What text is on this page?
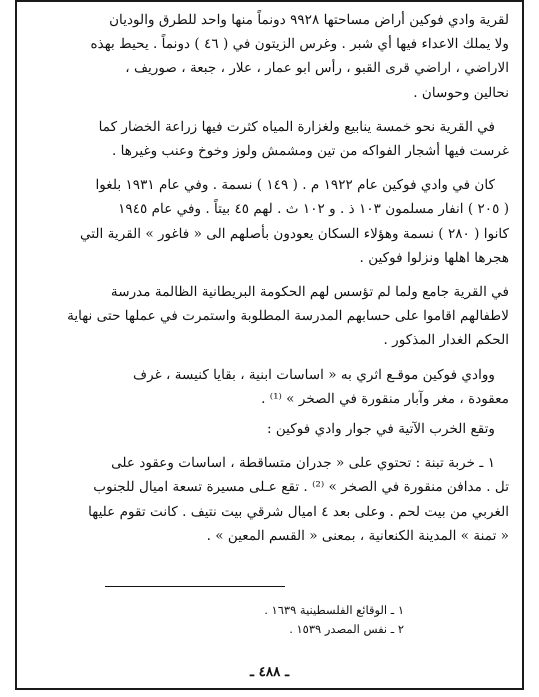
لقرية وادي فوكين أراض مساحتها ٩٩٢٨ دونماً منها واحد للطرق والوديان
ولا يملك الاعداء فيها أي شبر . وغرس الزيتون في ( ٤٦ ) دونماً . يحيط بهذه
الاراضي ، اراضي قرى القبو ، رأس ابو عمار ، علار ، جبعة ، صوريف ،
نحالين وحوسان .

في القرية نحو خمسة ينابيع ولغزارة المياه كثرت فيها زراعة الخضار كما
غرست فيها أشجار الفواكه من تين ومشمش ولوز وخوخ وعنب وغيرها .

كان في وادي فوكين عام ١٩٢٢ م . ( ١٤٩ ) نسمة . وفي عام ١٩٣١ بلغوا
( ٢٠٥ ) انفار مسلمون ١٠٣ ذ . و ١٠٢ ث . لهم ٤٥ بيتاً . وفي عام ١٩٤٥
كانوا ( ٢٨٠ ) نسمة وهؤلاء السكان يعودون بأصلهم الى « فاغور » القرية التي
هجرها اهلها ونزلوا فوكين .

في القرية جامع ولما لم تؤسس لهم الحكومة البريطانية الظالمة مدرسة
لاطفالهم اقاموا على حسابهم المدرسة المطلوبة واستمرت في عملها حتى نهاية
الحكم الغدار المذكور .

ووادي فوكين موقـع اثري به « اساسات ابنية ، بقايا كنيسة ، غرف
معقودة ، مغر وآبار منقورة في الصخر » ⁽¹⁾ .

وتقع الخرب الآتية في جوار وادي فوكين :

١ ـ خربة تبنة : تحتوي على « جدران متساقطة ، اساسات وعقود على
تل . مدافن منقورة في الصخر » ⁽²⁾ . تقع عـلى مسيرة تسعة اميال للجنوب
الغربي من بيت لحم . وعلى بعد ٤ اميال شرقي بيت نتيف . كانت تقوم عليها
« تمنة » المدينة الكنعانية ، بمعنى « القسم المعين » .

١ ـ الوقائع الفلسطينية ١٦٣٩ .
٢ ـ نفس المصدر ١٥٣٩ .
ـ ٤٨٨ ـ
